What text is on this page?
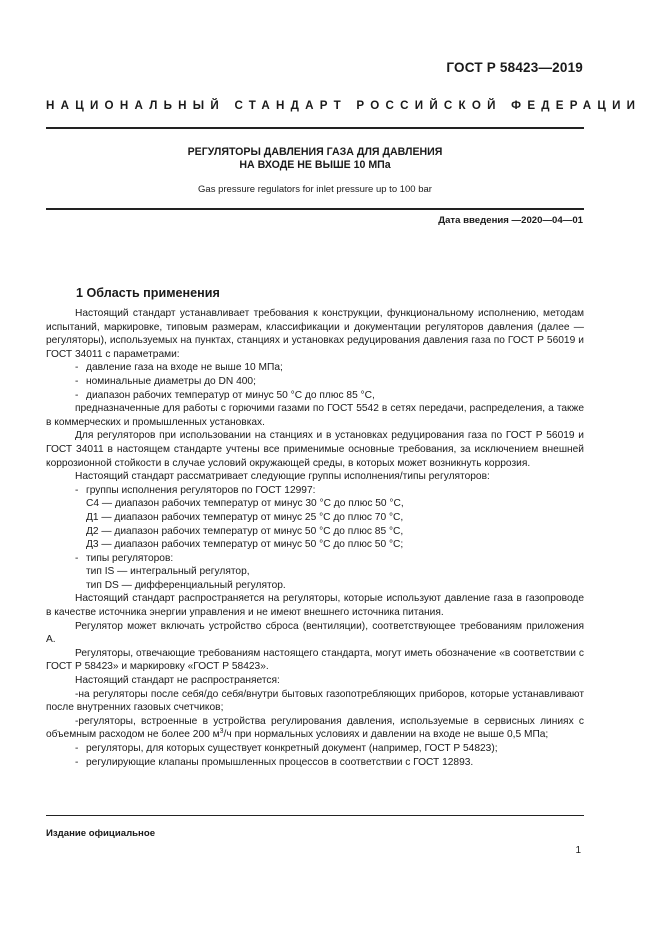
ГОСТ Р 58423—2019
НАЦИОНАЛЬНЫЙ СТАНДАРТ РОССИЙСКОЙ ФЕДЕРАЦИИ
РЕГУЛЯТОРЫ ДАВЛЕНИЯ ГАЗА ДЛЯ ДАВЛЕНИЯ
НА ВХОДЕ НЕ ВЫШЕ 10 МПа
Gas pressure regulators for inlet pressure up to 100 bar
Дата введения —2020—04—01
1 Область применения

Настоящий стандарт устанавливает требования к конструкции, функциональному исполнению, методам испытаний, маркировке, типовым размерам, классификации и документации регуляторов давления (далее — регуляторы), используемых на пунктах, станциях и установках редуцирования давления газа по ГОСТ Р 56019 и ГОСТ 34011 с параметрами:

- давление газа на входе не выше 10 МПа;

- номинальные диаметры до DN 400;

- диапазон рабочих температур от минус 50 °С до плюс 85 °С,

предназначенные для работы с горючими газами по ГОСТ 5542 в сетях передачи, распределения, а также в коммерческих и промышленных установках.

Для регуляторов при использовании на станциях и в установках редуцирования газа по ГОСТ Р 56019 и ГОСТ 34011 в настоящем стандарте учтены все применимые основные требования, за исключением внешней коррозионной стойкости в случае условий окружающей среды, в которых может возникнуть коррозия.

Настоящий стандарт рассматривает следующие группы исполнения/типы регуляторов:

- группы исполнения регуляторов по ГОСТ 12997:

С4 — диапазон рабочих температур от минус 30 °С до плюс 50 °С,

Д1 — диапазон рабочих температур от минус 25 °С до плюс 70 °С,

Д2 — диапазон рабочих температур от минус 50 °С до плюс 85 °С,

Д3 — диапазон рабочих температур от минус 50 °С до плюс 50 °С;

- типы регуляторов:

тип IS — интегральный регулятор,

тип DS — дифференциальный регулятор.

Настоящий стандарт распространяется на регуляторы, которые используют давление газа в газопроводе в качестве источника энергии управления и не имеют внешнего источника питания.

Регулятор может включать устройство сброса (вентиляции), соответствующее требованиям приложения А.

Регуляторы, отвечающие требованиям настоящего стандарта, могут иметь обозначение «в соответствии с ГОСТ Р 58423» и маркировку «ГОСТ Р 58423».

Настоящий стандарт не распространяется:

-на регуляторы после себя/до себя/внутри бытовых газопотребляющих приборов, которые устанавливают после внутренних газовых счетчиков;

-регуляторы, встроенные в устройства регулирования давления, используемые в сервисных линиях с объемным расходом не более 200 $м^3/ч$ при нормальных условиях и давлении на входе не выше 0,5 МПа;

- регуляторы, для которых существует конкретный документ (например, ГОСТ Р 54823);

- регулирующие клапаны промышленных процессов в соответствии с ГОСТ 12893.

Издание официальное
1
